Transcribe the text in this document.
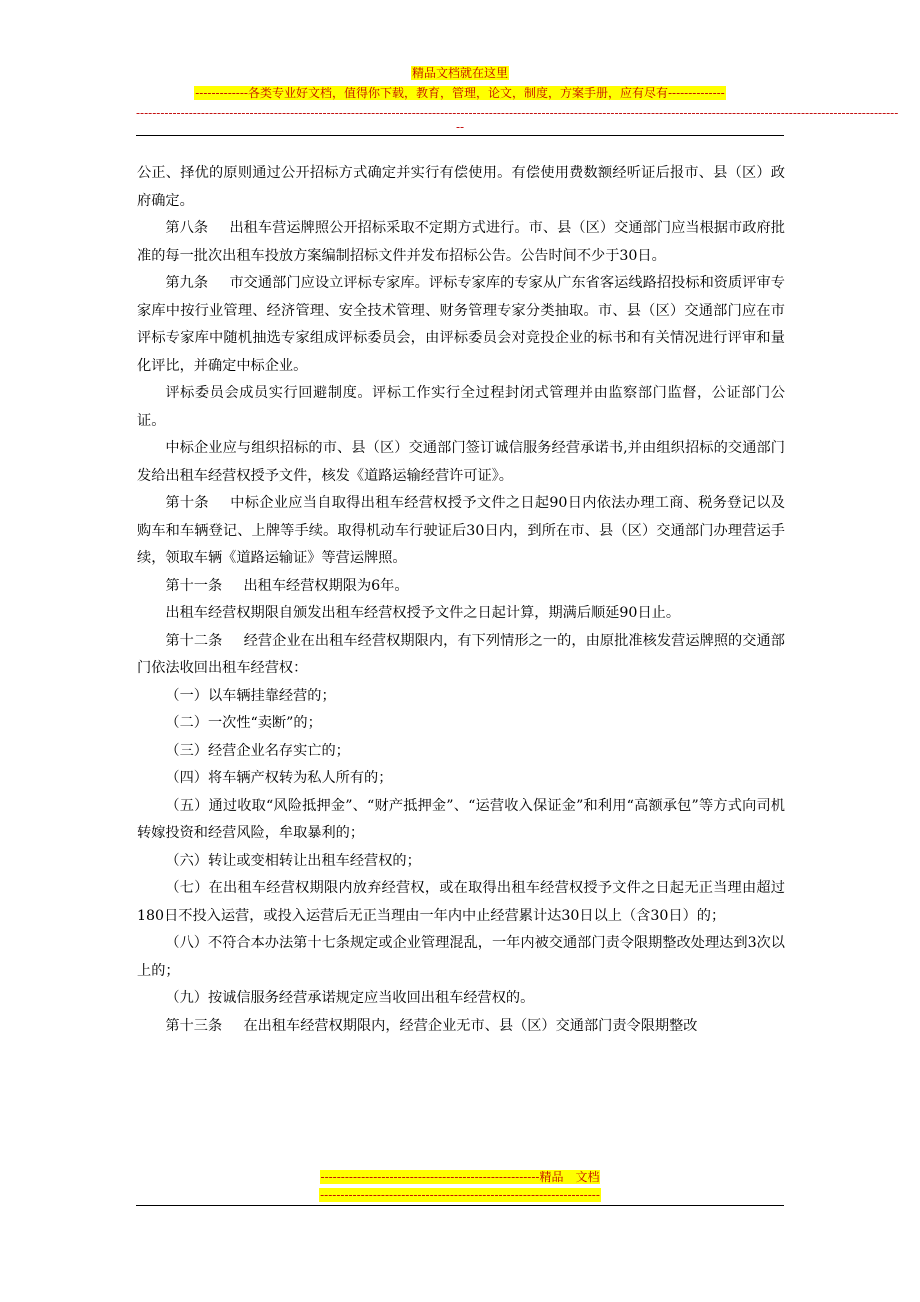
精品文档就在这里
-------------各类专业好文档，值得你下载，教育，管理，论文，制度，方案手册，应有尽有--------------
--------------------------------------------------------------------------------------------------------------------------------------------------------------------------------------------
--

公正、择优的原则通过公开招标方式确定并实行有偿使用。有偿使用费数额经听证后报市、县（区）政府确定。

第八条 出租车营运牌照公开招标采取不定期方式进行。市、县（区）交通部门应当根据市政府批准的每一批次出租车投放方案编制招标文件并发布招标公告。公告时间不少于30日。

第九条 市交通部门应设立评标专家库。评标专家库的专家从广东省客运线路招投标和资质评审专家库中按行业管理、经济管理、安全技术管理、财务管理专家分类抽取。市、县（区）交通部门应在市评标专家库中随机抽选专家组成评标委员会，由评标委员会对竞投企业的标书和有关情况进行评审和量化评比，并确定中标企业。

评标委员会成员实行回避制度。评标工作实行全过程封闭式管理并由监察部门监督，公证部门公证。

中标企业应与组织招标的市、县（区）交通部门签订诚信服务经营承诺书,并由组织招标的交通部门发给出租车经营权授予文件，核发《道路运输经营许可证》。

第十条 中标企业应当自取得出租车经营权授予文件之日起90日内依法办理工商、税务登记以及购车和车辆登记、上牌等手续。取得机动车行驶证后30日内，到所在市、县（区）交通部门办理营运手续，领取车辆《道路运输证》等营运牌照。

第十一条 出租车经营权期限为6年。

出租车经营权期限自颁发出租车经营权授予文件之日起计算，期满后顺延90日止。

第十二条 经营企业在出租车经营权期限内，有下列情形之一的，由原批准核发营运牌照的交通部门依法收回出租车经营权：

（一）以车辆挂靠经营的；

（二）一次性“卖断”的；

（三）经营企业名存实亡的；

（四）将车辆产权转为私人所有的；

（五）通过收取“风险抵押金”、“财产抵押金”、“运营收入保证金”和利用“高额承包”等方式向司机转嫁投资和经营风险，牟取暴利的；

（六）转让或变相转让出租车经营权的；

（七）在出租车经营权期限内放弃经营权，或在取得出租车经营权授予文件之日起无正当理由超过180日不投入运营，或投入运营后无正当理由一年内中止经营累计达30日以上（含30日）的；

（八）不符合本办法第十七条规定或企业管理混乱，一年内被交通部门责令限期整改处理达到3次以上的；

（九）按诚信服务经营承诺规定应当收回出租车经营权的。

第十三条 在出租车经营权期限内，经营企业无市、县（区）交通部门责令限期整改

------------------------------------------------------精品　文档
---------------------------------------------------------------------
